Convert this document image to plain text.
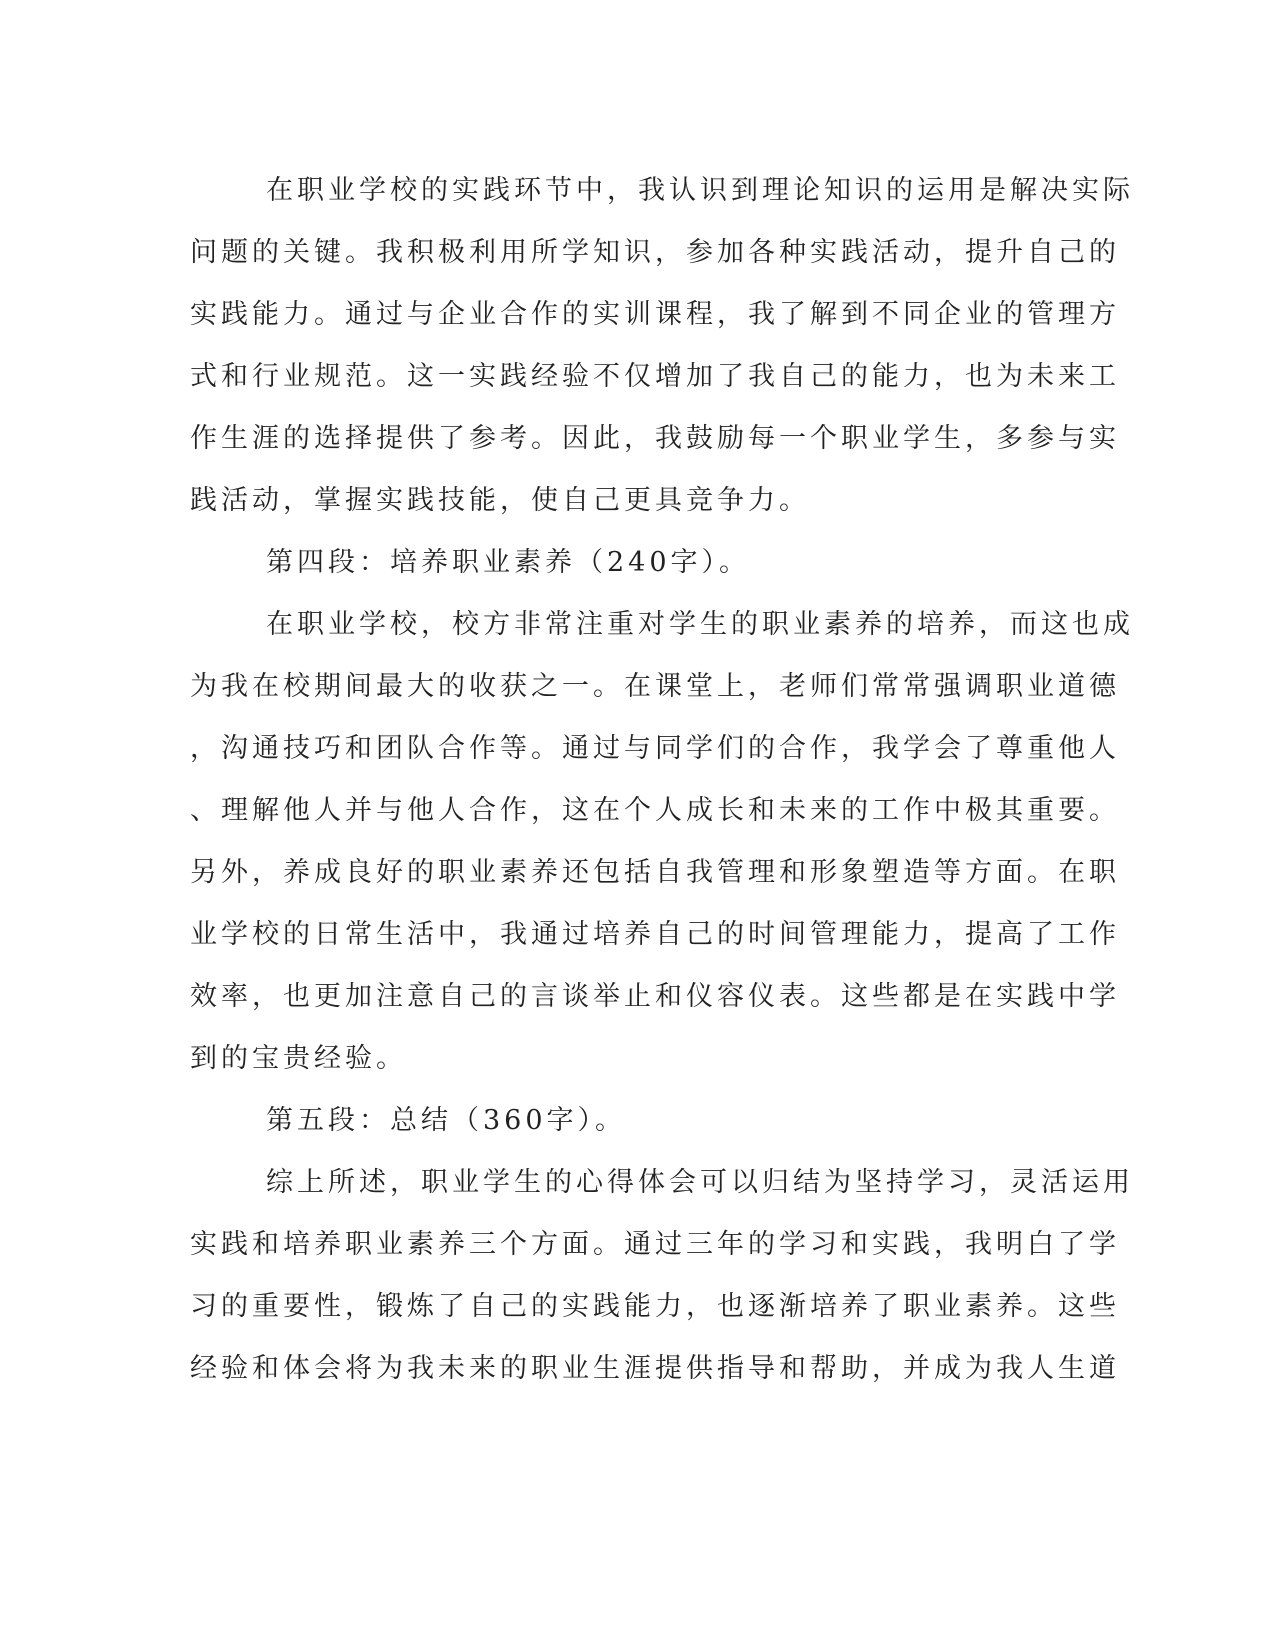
在职业学校的实践环节中，我认识到理论知识的运用是解决实际
问题的关键。我积极利用所学知识，参加各种实践活动，提升自己的
实践能力。通过与企业合作的实训课程，我了解到不同企业的管理方
式和行业规范。这一实践经验不仅增加了我自己的能力，也为未来工
作生涯的选择提供了参考。因此，我鼓励每一个职业学生，多参与实
践活动，掌握实践技能，使自己更具竞争力。
第四段：培养职业素养（240字）。
在职业学校，校方非常注重对学生的职业素养的培养，而这也成
为我在校期间最大的收获之一。在课堂上，老师们常常强调职业道德
，沟通技巧和团队合作等。通过与同学们的合作，我学会了尊重他人
、理解他人并与他人合作，这在个人成长和未来的工作中极其重要。
另外，养成良好的职业素养还包括自我管理和形象塑造等方面。在职
业学校的日常生活中，我通过培养自己的时间管理能力，提高了工作
效率，也更加注意自己的言谈举止和仪容仪表。这些都是在实践中学
到的宝贵经验。
第五段：总结（360字）。
综上所述，职业学生的心得体会可以归结为坚持学习，灵活运用
实践和培养职业素养三个方面。通过三年的学习和实践，我明白了学
习的重要性，锻炼了自己的实践能力，也逐渐培养了职业素养。这些
经验和体会将为我未来的职业生涯提供指导和帮助，并成为我人生道
